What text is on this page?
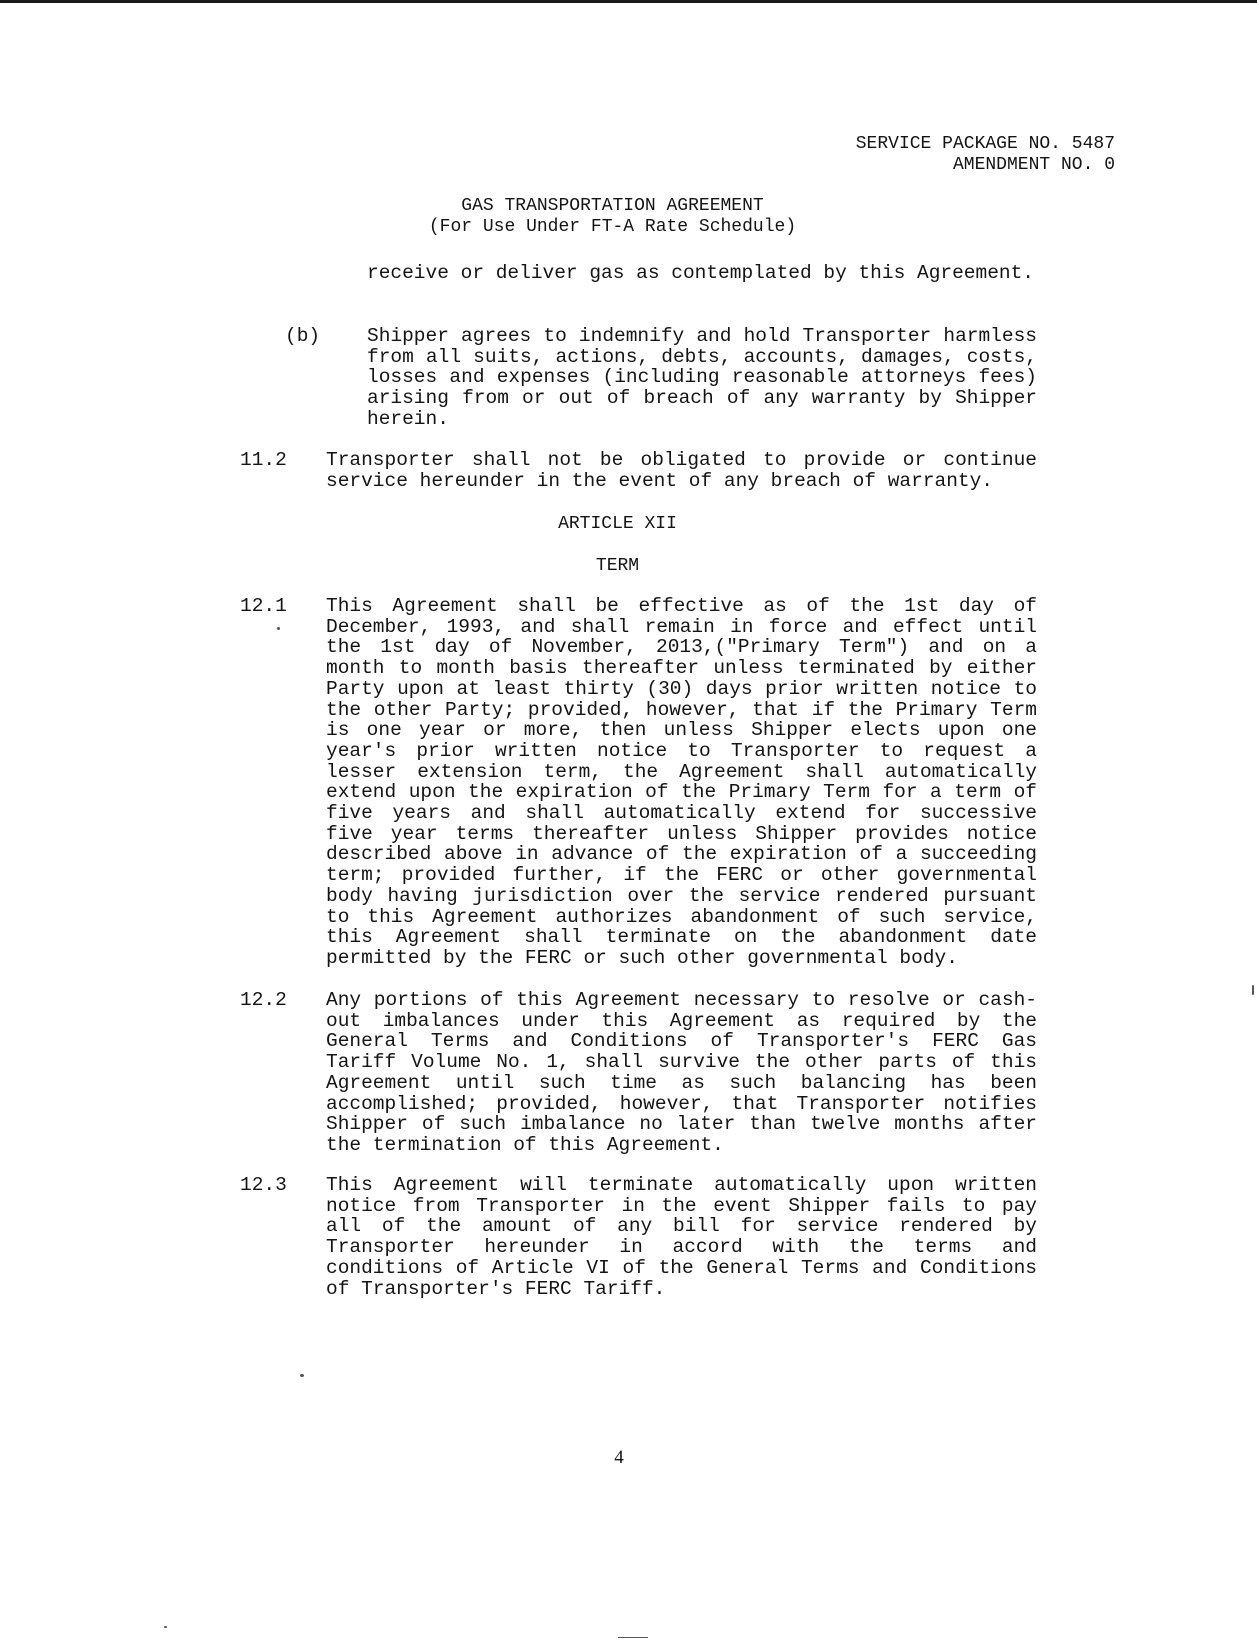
SERVICE PACKAGE NO. 5487
AMENDMENT NO. 0
GAS TRANSPORTATION AGREEMENT
(For Use Under FT-A Rate Schedule)

receive or deliver gas as contemplated by this Agreement.

(b) Shipper agrees to indemnify and hold Transporter harmless from all suits, actions, debts, accounts, damages, costs, losses and expenses (including reasonable attorneys fees) arising from or out of breach of any warranty by Shipper herein.

11.2 Transporter shall not be obligated to provide or continue service hereunder in the event of any breach of warranty.

ARTICLE XII
TERM
12.1 This Agreement shall be effective as of the 1st day of December, 1993, and shall remain in force and effect until the 1st day of November, 2013,("Primary Term") and on a month to month basis thereafter unless terminated by either Party upon at least thirty (30) days prior written notice to the other Party; provided, however, that if the Primary Term is one year or more, then unless Shipper elects upon one year's prior written notice to Transporter to request a lesser extension term, the Agreement shall automatically extend upon the expiration of the Primary Term for a term of five years and shall automatically extend for successive five year terms thereafter unless Shipper provides notice described above in advance of the expiration of a succeeding term; provided further, if the FERC or other governmental body having jurisdiction over the service rendered pursuant to this Agreement authorizes abandonment of such service, this Agreement shall terminate on the abandonment date permitted by the FERC or such other governmental body.

12.2 Any portions of this Agreement necessary to resolve or cash-out imbalances under this Agreement as required by the General Terms and Conditions of Transporter's FERC Gas Tariff Volume No. 1, shall survive the other parts of this Agreement until such time as such balancing has been accomplished; provided, however, that Transporter notifies Shipper of such imbalance no later than twelve months after the termination of this Agreement.

12.3 This Agreement will terminate automatically upon written notice from Transporter in the event Shipper fails to pay all of the amount of any bill for service rendered by Transporter hereunder in accord with the terms and conditions of Article VI of the General Terms and Conditions of Transporter's FERC Tariff.

4
